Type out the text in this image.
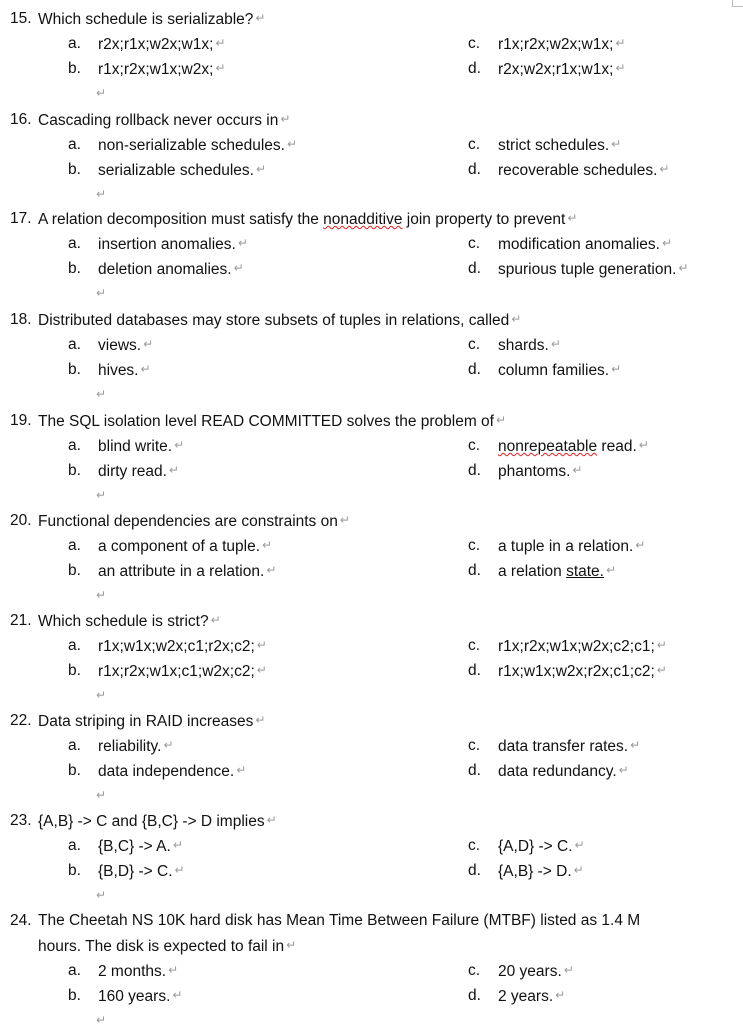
15. Which schedule is serializable? ↵
a. r2x;r1x;w2x;w1x; ↵
b. r1x;r2x;w1x;w2x; ↵
c. r1x;r2x;w2x;w1x; ↵
d. r2x;w2x;r1x;w1x; ↵
↵
16. Cascading rollback never occurs in ↵
a. non-serializable schedules. ↵
b. serializable schedules. ↵
c. strict schedules. ↵
d. recoverable schedules. ↵
↵
17. A relation decomposition must satisfy the nonadditive join property to prevent ↵
a. insertion anomalies. ↵
b. deletion anomalies. ↵
c. modification anomalies. ↵
d. spurious tuple generation. ↵
↵
18. Distributed databases may store subsets of tuples in relations, called ↵
a. views. ↵
b. hives. ↵
c. shards. ↵
d. column families. ↵
↵
19. The SQL isolation level READ COMMITTED solves the problem of ↵
a. blind write. ↵
b. dirty read. ↵
c. nonrepeatable read. ↵
d. phantoms. ↵
↵
20. Functional dependencies are constraints on ↵
a. a component of a tuple. ↵
b. an attribute in a relation. ↵
c. a tuple in a relation. ↵
d. a relation state. ↵
↵
21. Which schedule is strict? ↵
a. r1x;w1x;w2x;c1;r2x;c2; ↵
b. r1x;r2x;w1x;c1;w2x;c2; ↵
c. r1x;r2x;w1x;w2x;c2;c1; ↵
d. r1x;w1x;w2x;r2x;c1;c2; ↵
↵
22. Data striping in RAID increases ↵
a. reliability. ↵
b. data independence. ↵
c. data transfer rates. ↵
d. data redundancy. ↵
↵
23. {A,B} -> C and {B,C} -> D implies ↵
a. {B,C} -> A. ↵
b. {B,D} -> C. ↵
c. {A,D} -> C. ↵
d. {A,B} -> D. ↵
↵
24. The Cheetah NS 10K hard disk has Mean Time Between Failure (MTBF) listed as 1.4 M
hours. The disk is expected to fail in ↵
a. 2 months. ↵
b. 160 years. ↵
c. 20 years. ↵
d. 2 years. ↵
↵
